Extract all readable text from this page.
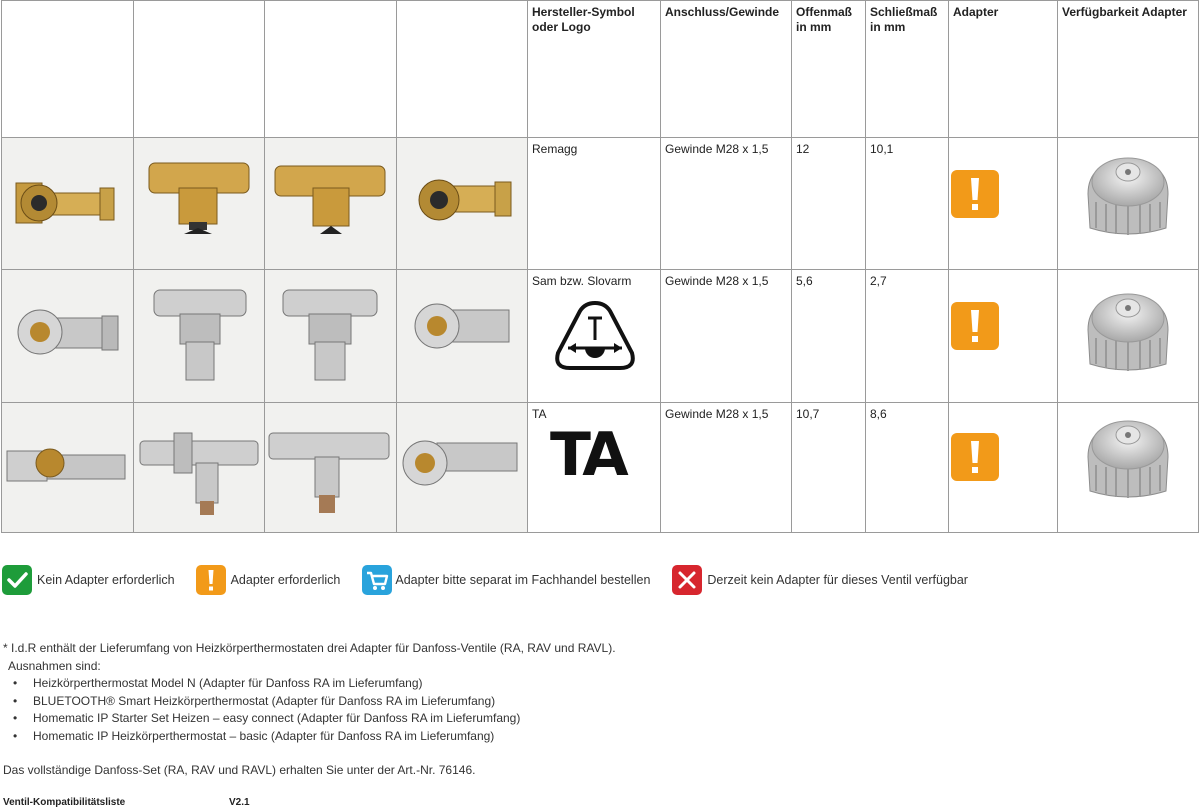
				Hersteller-Symbol oder Logo	Anschluss/Gewinde	Offenmaß in mm	Schließmaß in mm	Adapter	Verfügbarkeit Adapter

	Remagg	Gewinde M28 x 1,5	12	10,1	

Sam bzw. Slovarm	Gewinde M28 x 1,5	5,6	2,7	

TA
TA	Gewinde M28 x 1,5	10,7	8,6	

Kein Adapter erforderlich	Adapter erforderlich	Adapter bitte separat im Fachhandel bestellen	Derzeit kein Adapter für dieses Ventil verfügbar
* I.d.R enthält der Lieferumfang von Heizkörperthermostaten drei Adapter für Danfoss-Ventile (RA, RAV und RAVL).
Ausnahmen sind:
• Heizkörperthermostat Model N (Adapter für Danfoss RA im Lieferumfang)
• BLUETOOTH® Smart Heizkörperthermostat (Adapter für Danfoss RA im Lieferumfang)
• Homematic IP Starter Set Heizen – easy connect (Adapter für Danfoss RA im Lieferumfang)
• Homematic IP Heizkörperthermostat – basic (Adapter für Danfoss RA im Lieferumfang)
Das vollständige Danfoss-Set (RA, RAV und RAVL) erhalten Sie unter der Art.-Nr. 76146.
Ventil-Kompatibilitätsliste	V2.1
